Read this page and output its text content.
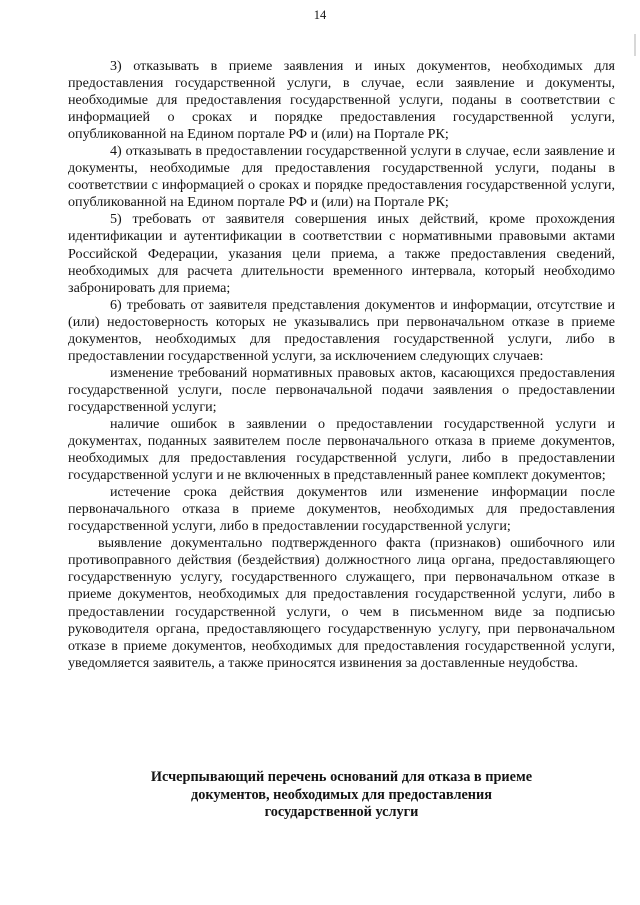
14

3) отказывать в приеме заявления и иных документов, необходимых для предоставления государственной услуги, в случае, если заявление и документы, необходимые для предоставления государственной услуги, поданы в соответствии с информацией о сроках и порядке предоставления государственной услуги, опубликованной на Едином портале РФ и (или) на Портале РК;

4) отказывать в предоставлении государственной услуги в случае, если заявление и документы, необходимые для предоставления государственной услуги, поданы в соответствии с информацией о сроках и порядке предоставления государственной услуги, опубликованной на Едином портале РФ и (или) на Портале РК;

5) требовать от заявителя совершения иных действий, кроме прохождения идентификации и аутентификации в соответствии с нормативными правовыми актами Российской Федерации, указания цели приема, а также предоставления сведений, необходимых для расчета длительности временного интервала, который необходимо забронировать для приема;

6) требовать от заявителя представления документов и информации, отсутствие и (или) недостоверность которых не указывались при первоначальном отказе в приеме документов, необходимых для предоставления государственной услуги, либо в предоставлении государственной услуги, за исключением следующих случаев:

изменение требований нормативных правовых актов, касающихся предоставления государственной услуги, после первоначальной подачи заявления о предоставлении государственной услуги;

наличие ошибок в заявлении о предоставлении государственной услуги и документах, поданных заявителем после первоначального отказа в приеме документов, необходимых для предоставления государственной услуги, либо в предоставлении государственной услуги и не включенных в представленный ранее комплект документов;

истечение срока действия документов или изменение информации после первоначального отказа в приеме документов, необходимых для предоставления государственной услуги, либо в предоставлении государственной услуги;

выявление документально подтвержденного факта (признаков) ошибочного или противоправного действия (бездействия) должностного лица органа, предоставляющего государственную услугу, государственного служащего, при первоначальном отказе в приеме документов, необходимых для предоставления государственной услуги, либо в предоставлении государственной услуги, о чем в письменном виде за подписью руководителя органа, предоставляющего государственную услугу, при первоначальном отказе в приеме документов, необходимых для предоставления государственной услуги, уведомляется заявитель, а также приносятся извинения за доставленные неудобства.

Исчерпывающий перечень оснований для отказа в приеме
документов, необходимых для предоставления
государственной услуги
